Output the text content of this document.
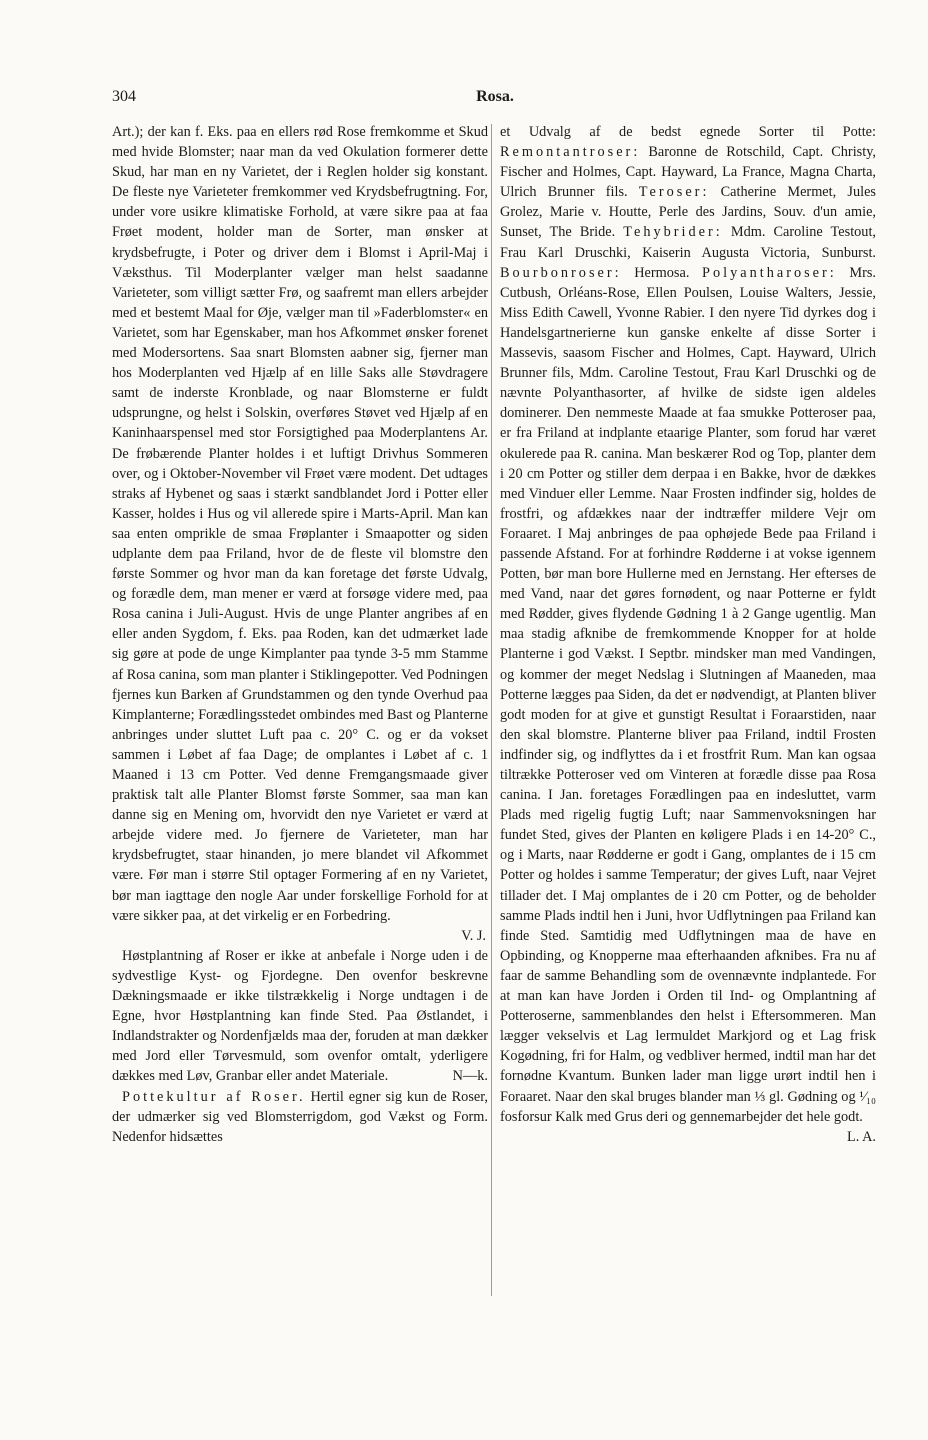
304	Rosa.

Art.); der kan f. Eks. paa en ellers rød Rose fremkomme et Skud med hvide Blomster; naar man da ved Okulation formerer dette Skud, har man en ny Varietet, der i Reglen holder sig konstant. De fleste nye Varieteter fremkommer ved Krydsbefrugtning. For, under vore usikre klimatiske Forhold, at være sikre paa at faa Frøet modent, holder man de Sorter, man ønsker at krydsbefrugte, i Poter og driver dem i Blomst i April-Maj i Væksthus. Til Moderplanter vælger man helst saadanne Varieteter, som villigt sætter Frø, og saafremt man ellers arbejder med et bestemt Maal for Øje, vælger man til »Faderblomster« en Varietet, som har Egenskaber, man hos Afkommet ønsker forenet med Modersortens. Saa snart Blomsten aabner sig, fjerner man hos Moderplanten ved Hjælp af en lille Saks alle Støvdragere samt de inderste Kronblade, og naar Blomsterne er fuldt udsprungne, og helst i Solskin, overføres Støvet ved Hjælp af en Kaninhaarspensel med stor Forsigtighed paa Moderplantens Ar. De frøbærende Planter holdes i et luftigt Drivhus Sommeren over, og i Oktober-November vil Frøet være modent. Det udtages straks af Hybenet og saas i stærkt sandblandet Jord i Potter eller Kasser, holdes i Hus og vil allerede spire i Marts-April. Man kan saa enten omprikle de smaa Frøplanter i Smaapotter og siden udplante dem paa Friland, hvor de de fleste vil blomstre den første Sommer og hvor man da kan foretage det første Udvalg, og forædle dem, man mener er værd at forsøge videre med, paa Rosa canina i Juli-August. Hvis de unge Planter angribes af en eller anden Sygdom, f. Eks. paa Roden, kan det udmærket lade sig gøre at pode de unge Kimplanter paa tynde 3-5 mm Stamme af Rosa canina, som man planter i Stiklingepotter. Ved Podningen fjernes kun Barken af Grundstammen og den tynde Overhud paa Kimplanterne; Forædlingsstedet ombindes med Bast og Planterne anbringes under sluttet Luft paa c. 20° C. og er da vokset sammen i Løbet af faa Dage; de omplantes i Løbet af c. 1 Maaned i 13 cm Potter. Ved denne Fremgangsmaade giver praktisk talt alle Planter Blomst første Sommer, saa man kan danne sig en Mening om, hvorvidt den nye Varietet er værd at arbejde videre med. Jo fjernere de Varieteter, man har krydsbefrugtet, staar hinanden, jo mere blandet vil Afkommet være. Før man i større Stil optager Formering af en ny Varietet, bør man iagttage den nogle Aar under forskellige Forhold for at være sikker paa, at det virkelig er en Forbedring.

V. J.

Høstplantning af Roser er ikke at anbefale i Norge uden i de sydvestlige Kyst- og Fjordegne. Den ovenfor beskrevne Dækningsmaade er ikke tilstrækkelig i Norge undtagen i de Egne, hvor Høstplantning kan finde Sted. Paa Østlandet, i Indlandstrakter og Nordenfjælds maa der, foruden at man dækker med Jord eller Tørvesmuld, som ovenfor omtalt, yderligere dækkes med Løv, Granbar eller andet Materiale.	N—k.

Pottekultur af Roser. Hertil egner sig kun de Roser, der udmærker sig ved Blomsterrigdom, god Vækst og Form. Nedenfor hidsættes

et Udvalg af de bedst egnede Sorter til Potte: Remontantroser: Baronne de Rotschild, Capt. Christy, Fischer and Holmes, Capt. Hayward, La France, Magna Charta, Ulrich Brunner fils. Teroser: Catherine Mermet, Jules Grolez, Marie v. Houtte, Perle des Jardins, Souv. d'un amie, Sunset, The Bride. Tehybrider: Mdm. Caroline Testout, Frau Karl Druschki, Kaiserin Augusta Victoria, Sunburst. Bourbonroser: Hermosa. Polyantharoser: Mrs. Cutbush, Orléans-Rose, Ellen Poulsen, Louise Walters, Jessie, Miss Edith Cawell, Yvonne Rabier. I den nyere Tid dyrkes dog i Handelsgartnerierne kun ganske enkelte af disse Sorter i Massevis, saasom Fischer and Holmes, Capt. Hayward, Ulrich Brunner fils, Mdm. Caroline Testout, Frau Karl Druschki og de nævnte Polyanthasorter, af hvilke de sidste igen aldeles dominerer. Den nemmeste Maade at faa smukke Potteroser paa, er fra Friland at indplante etaarige Planter, som forud har været okulerede paa R. canina. Man beskærer Rod og Top, planter dem i 20 cm Potter og stiller dem derpaa i en Bakke, hvor de dækkes med Vinduer eller Lemme. Naar Frosten indfinder sig, holdes de frostfri, og afdækkes naar der indtræffer mildere Vejr om Foraaret. I Maj anbringes de paa ophøjede Bede paa Friland i passende Afstand. For at forhindre Rødderne i at vokse igennem Potten, bør man bore Hullerne med en Jernstang. Her efterses de med Vand, naar det gøres fornødent, og naar Potterne er fyldt med Rødder, gives flydende Gødning 1 à 2 Gange ugentlig. Man maa stadig afknibe de fremkommende Knopper for at holde Planterne i god Vækst. I Septbr. mindsker man med Vandingen, og kommer der meget Nedslag i Slutningen af Maaneden, maa Potterne lægges paa Siden, da det er nødvendigt, at Planten bliver godt moden for at give et gunstigt Resultat i Foraarstiden, naar den skal blomstre. Planterne bliver paa Friland, indtil Frosten indfinder sig, og indflyttes da i et frostfrit Rum. Man kan ogsaa tiltrække Potteroser ved om Vinteren at forædle disse paa Rosa canina. I Jan. foretages Forædlingen paa en indesluttet, varm Plads med rigelig fugtig Luft; naar Sammenvoksningen har fundet Sted, gives der Planten en køligere Plads i en 14-20° C., og i Marts, naar Rødderne er godt i Gang, omplantes de i 15 cm Potter og holdes i samme Temperatur; der gives Luft, naar Vejret tillader det. I Maj omplantes de i 20 cm Potter, og de beholder samme Plads indtil hen i Juni, hvor Udflytningen paa Friland kan finde Sted. Samtidig med Udflytningen maa de have en Opbinding, og Knopperne maa efterhaanden afknibes. Fra nu af faar de samme Behandling som de ovennævnte indplantede. For at man kan have Jorden i Orden til Ind- og Omplantning af Potteroserne, sammenblandes den helst i Eftersommeren. Man lægger vekselvis et Lag lermuldet Markjord og et Lag frisk Kogødning, fri for Halm, og vedbliver hermed, indtil man har det fornødne Kvantum. Bunken lader man ligge urørt indtil hen i Foraaret. Naar den skal bruges blander man ⅓ gl. Gødning og ¹⁄₁₀ fosforsur Kalk med Grus deri og gennemarbejder det hele godt.
L. A.
